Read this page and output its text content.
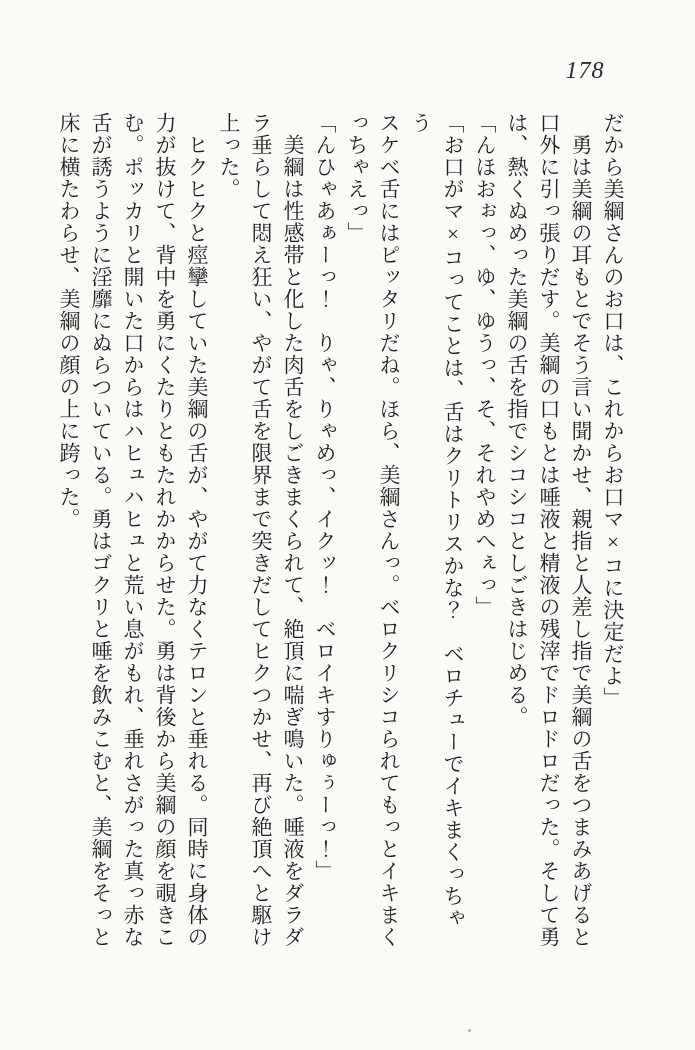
178
だから美綱さんのお口は、これからお口マ×コに決定だよ」
　勇は美綱の耳もとでそう言い聞かせ、親指と人差し指で美綱の舌をつまみあげると
口外に引っ張りだす。美綱の口もとは唾液と精液の残滓でドロドロだった。そして勇
は、熱くぬめった美綱の舌を指でシコシコとしごきはじめる。
「んほおぉっ、ゆ、ゆうっ、そ、それやめへぇっ」
「お口がマ×コってことは、舌はクリトリスかな？　ベロチューでイキまくっちゃう
スケベ舌にはピッタリだね。ほら、美綱さんっ。ベロクリシコられてもっとイキまく
っちゃえっ」
「んひゃあぁーっ！　りゃ、りゃめっ、イクッ！　ベロイキすりゅぅーっ！」
　美綱は性感帯と化した肉舌をしごきまくられて、絶頂に喘ぎ鳴いた。唾液をダラダ
ラ垂らして悶え狂い、やがて舌を限界まで突きだしてヒクつかせ、再び絶頂へと駆け
上った。
　ヒクヒクと痙攣していた美綱の舌が、やがて力なくテロンと垂れる。同時に身体の
力が抜けて、背中を勇にくたりともたれかからせた。勇は背後から美綱の顔を覗きこ
む。ポッカリと開いた口からはハヒュハヒュと荒い息がもれ、垂れさがった真っ赤な
舌が誘うように淫靡にぬらついている。勇はゴクリと唾を飲みこむと、美綱をそっと
床に横たわらせ、美綱の顔の上に跨った。
